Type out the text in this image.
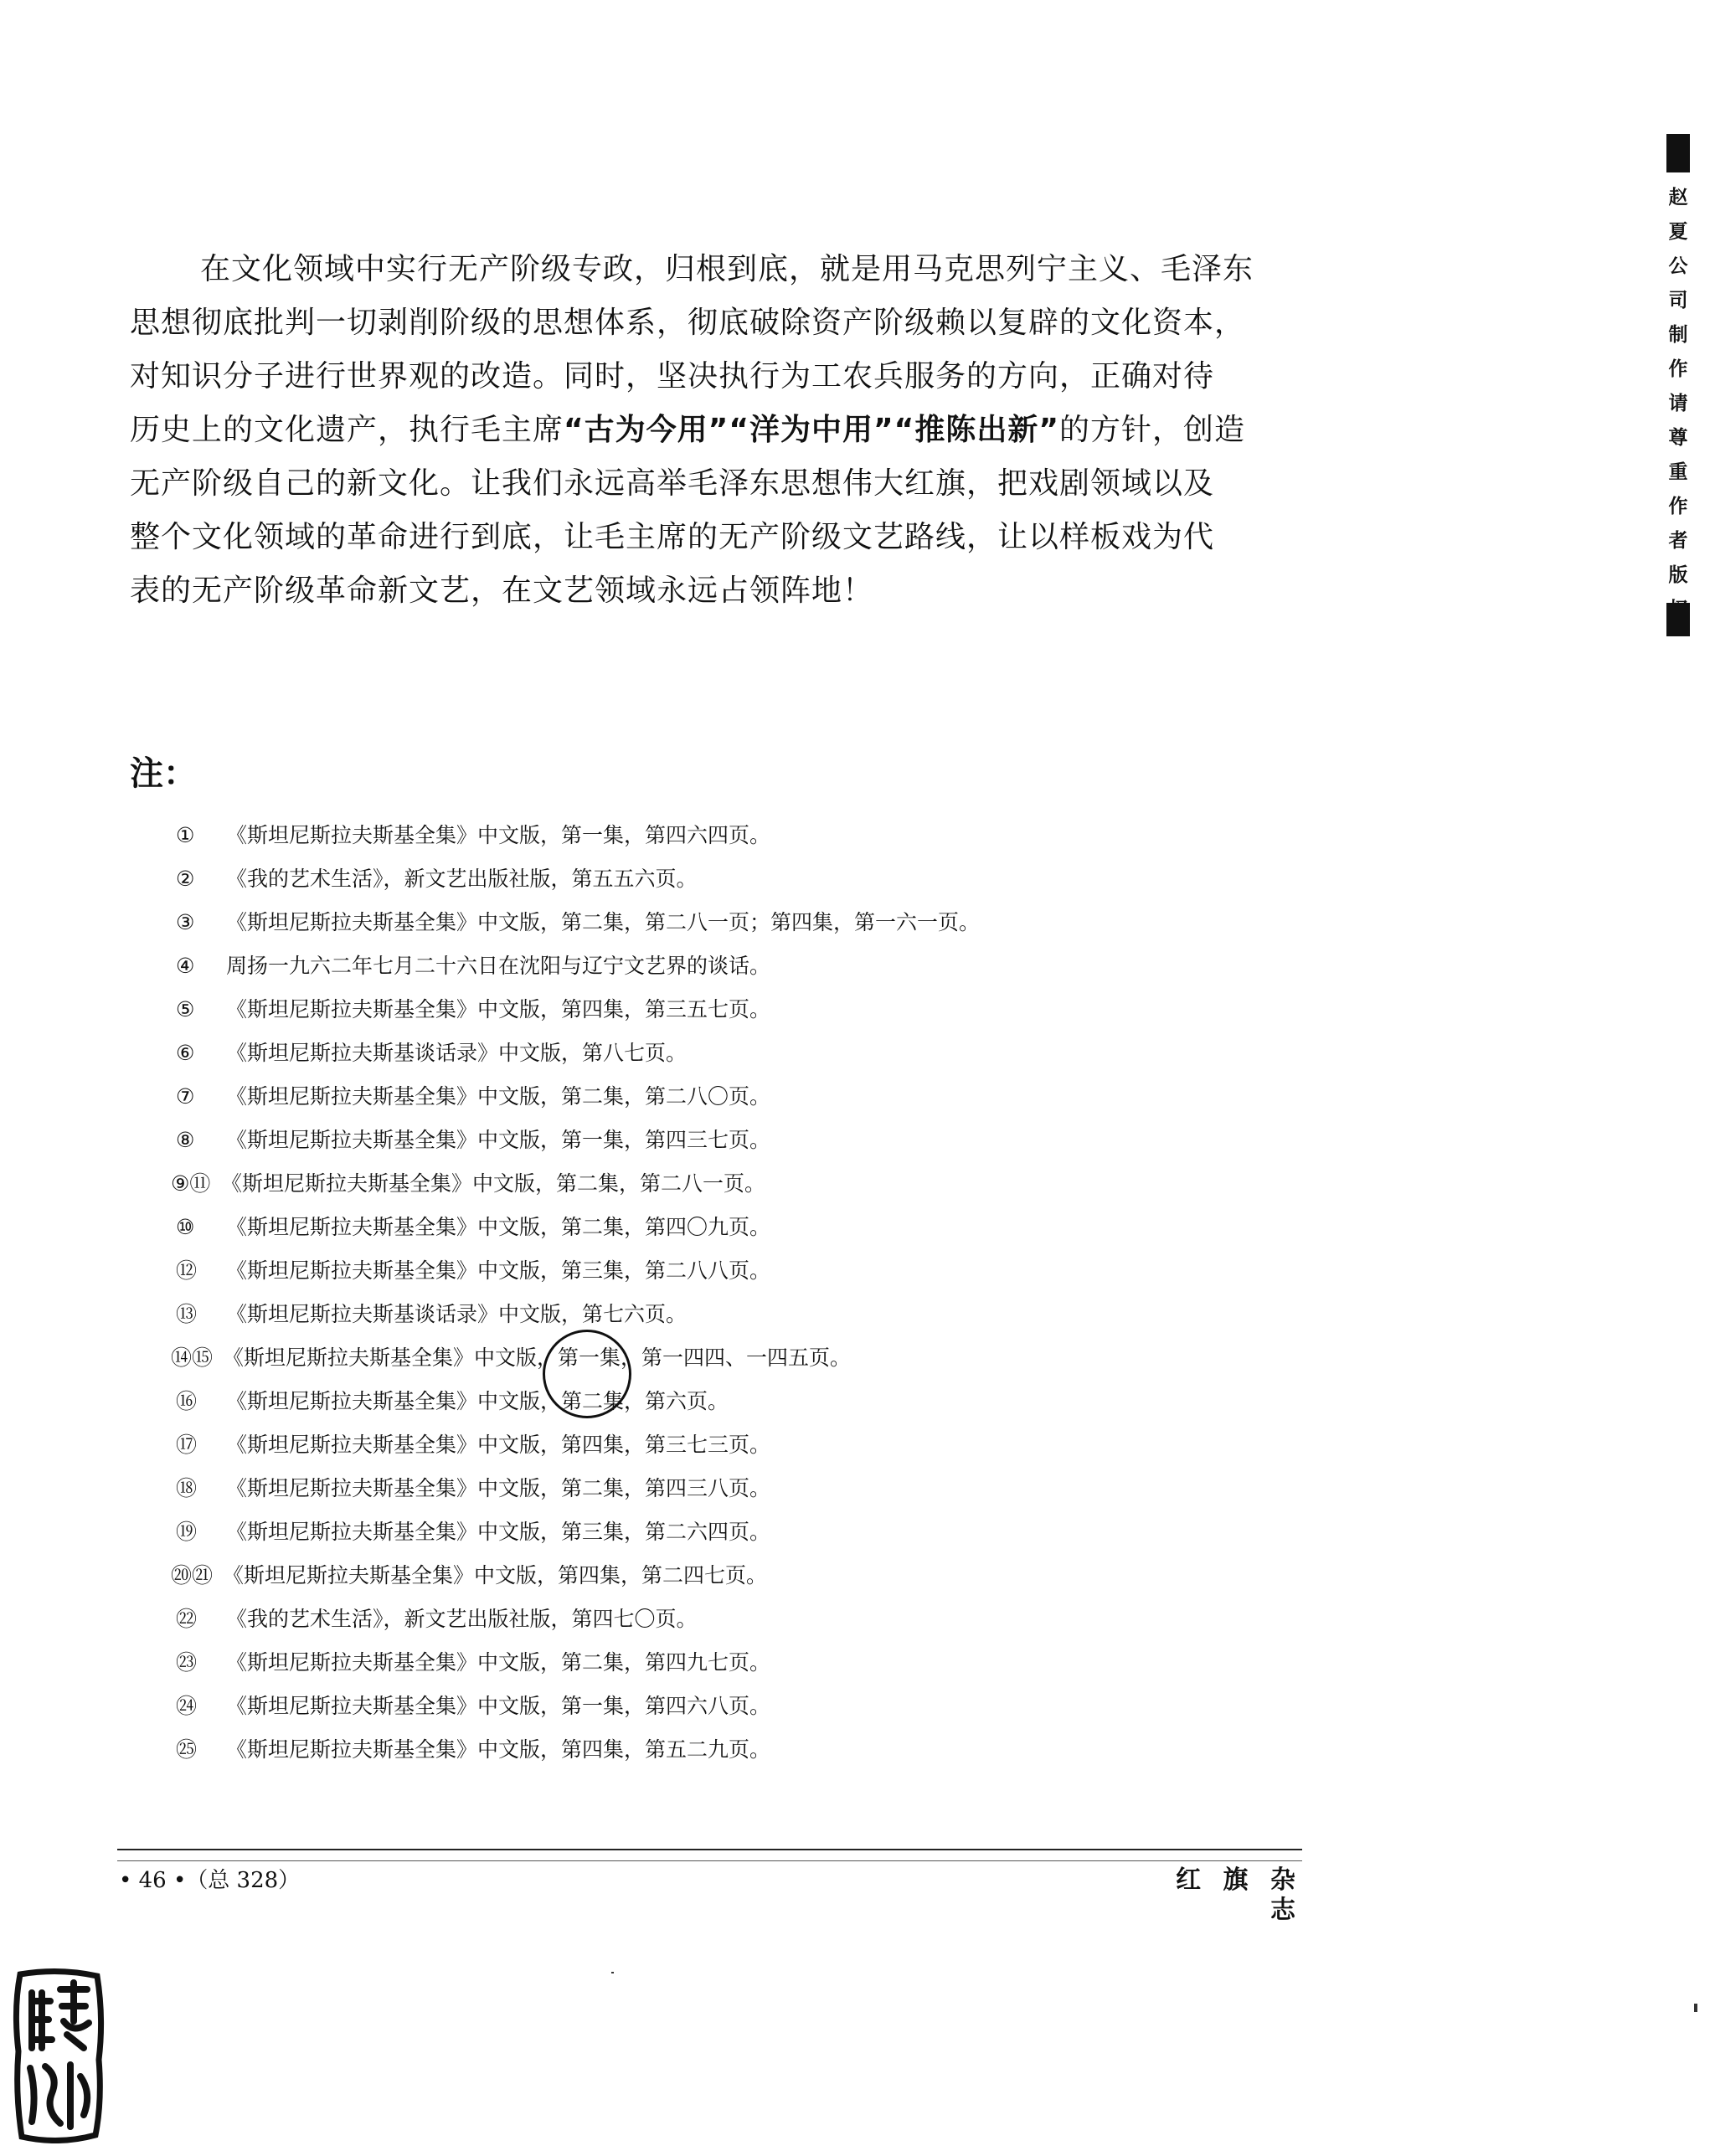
在文化领域中实行无产阶级专政，归根到底，就是用马克思列宁主义、毛泽东
思想彻底批判一切剥削阶级的思想体系，彻底破除资产阶级赖以复辟的文化资本，
对知识分子进行世界观的改造。同时，坚决执行为工农兵服务的方向，正确对待
历史上的文化遗产，执行毛主席“古为今用”“洋为中用”“推陈出新”的方针，创造
无产阶级自己的新文化。让我们永远高举毛泽东思想伟大红旗，把戏剧领域以及
整个文化领域的革命进行到底，让毛主席的无产阶级文艺路线，让以样板戏为代
表的无产阶级革命新文艺，在文艺领域永远占领阵地！
注：
① 《斯坦尼斯拉夫斯基全集》中文版，第一集，第四六四页。
② 《我的艺术生活》，新文艺出版社版，第五五六页。
③ 《斯坦尼斯拉夫斯基全集》中文版，第二集，第二八一页；第四集，第一六一页。
④ 周扬一九六二年七月二十六日在沈阳与辽宁文艺界的谈话。
⑤ 《斯坦尼斯拉夫斯基全集》中文版，第四集，第三五七页。
⑥ 《斯坦尼斯拉夫斯基谈话录》中文版，第八七页。
⑦ 《斯坦尼斯拉夫斯基全集》中文版，第二集，第二八〇页。
⑧ 《斯坦尼斯拉夫斯基全集》中文版，第一集，第四三七页。
⑨⑪ 《斯坦尼斯拉夫斯基全集》中文版，第二集，第二八一页。
⑩ 《斯坦尼斯拉夫斯基全集》中文版，第二集，第四〇九页。
⑫ 《斯坦尼斯拉夫斯基全集》中文版，第三集，第二八八页。
⑬ 《斯坦尼斯拉夫斯基谈话录》中文版，第七六页。
⑭⑮ 《斯坦尼斯拉夫斯基全集》中文版，第一集，第一四四、一四五页。
⑯ 《斯坦尼斯拉夫斯基全集》中文版，第二集，第六页。
⑰ 《斯坦尼斯拉夫斯基全集》中文版，第四集，第三七三页。
⑱ 《斯坦尼斯拉夫斯基全集》中文版，第二集，第四三八页。
⑲ 《斯坦尼斯拉夫斯基全集》中文版，第三集，第二六四页。
⑳㉑ 《斯坦尼斯拉夫斯基全集》中文版，第四集，第二四七页。
㉒ 《我的艺术生活》，新文艺出版社版，第四七〇页。
㉓ 《斯坦尼斯拉夫斯基全集》中文版，第二集，第四九七页。
㉔ 《斯坦尼斯拉夫斯基全集》中文版，第一集，第四六八页。
㉕ 《斯坦尼斯拉夫斯基全集》中文版，第四集，第五二九页。
• 46 •（总 328）	红 旗 杂 志
赵夏公司制作请尊重作者版
